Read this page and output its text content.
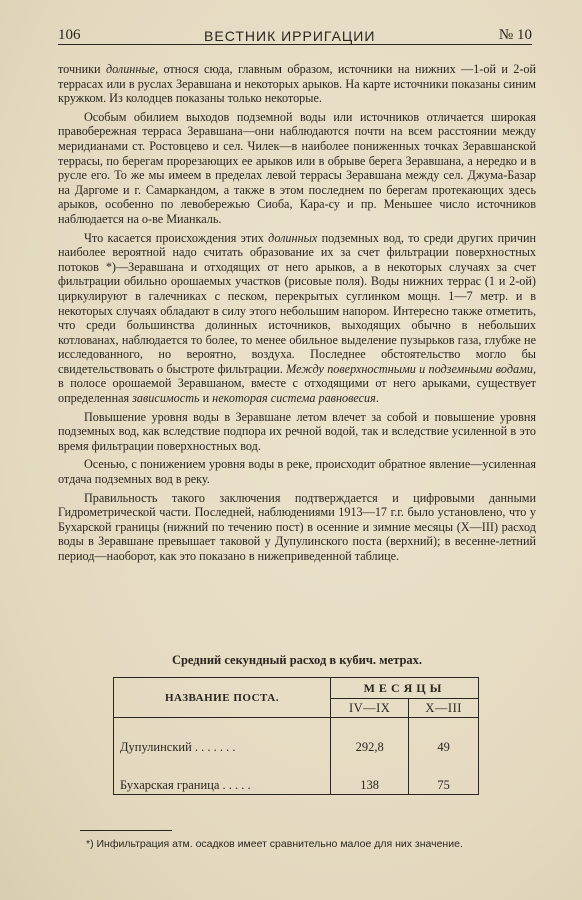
106	ВЕСТНИК ИРРИГАЦИИ	№ 10

точники долинные, относя сюда, главным образом, источники на нижних —1-ой и 2-ой террасах или в руслах Зеравшана и некоторых арыков. На карте источники показаны синим кружком. Из колодцев показаны только некоторые.

Особым обилием выходов подземной воды или источников отличается широкая правобережная терраса Зеравшана—они наблюдаются почти на всем расстоянии между меридианами ст. Ростовцево и сел. Чилек—в наиболее пониженных точках Зеравшанской террасы, по берегам прорезающих ее арыков или в обрыве берега Зеравшана, а нередко и в русле его. То же мы имеем в пределах левой террасы Зеравшана между сел. Джума-Базар на Даргоме и г. Самаркандом, а также в этом последнем по берегам протекающих здесь арыков, особенно по левобережью Сиоба, Кара-су и пр. Меньшее число источников наблюдается на о-ве Мианкаль.

Что касается происхождения этих долинных подземных вод, то среди других причин наиболее вероятной надо считать образование их за счет фильтрации поверхностных потоков *)—Зеравшана и отходящих от него арыков, а в некоторых случаях за счет фильтрации обильно орошаемых участков (рисовые поля). Воды нижних террас (1 и 2-ой) циркулируют в галечниках с песком, перекрытых суглинком мощн. 1—7 метр. и в некоторых случаях обладают в силу этого небольшим напором. Интересно также отметить, что среди большинства долинных источников, выходящих обычно в небольших котлованах, наблюдается то более, то менее обильное выделение пузырьков газа, глубже не исследованного, но вероятно, воздуха. Последнее обстоятельство могло бы свидетельствовать о быстроте фильтрации. Между поверхностными и подземными водами, в полосе орошаемой Зеравшаном, вместе с отходящими от него арыками, существует определенная зависимость и некоторая система равновесия.

Повышение уровня воды в Зеравшане летом влечет за собой и повышение уровня подземных вод, как вследствие подпора их речной водой, так и вследствие усиленной в это время фильтрации поверхностных вод.

Осенью, с понижением уровня воды в реке, происходит обратное явление—усиленная отдача подземных вод в реку.

Правильность такого заключения подтверждается и цифровыми данными Гидрометрической части. Последней, наблюдениями 1913—17 г.г. было установлено, что у Бухарской границы (нижний по течению пост) в осенние и зимние месяцы (X—III) расход воды в Зеравшане превышает таковой у Дупулинского поста (верхний); в весенне-летний период—наоборот, как это показано в нижеприведенной таблице.

Средний секундный расход в кубич. метрах.
НАЗВАНИЕ ПОСТА.	МЕСЯЦЫ	
	IV—IX	X—III
Дупулинский . . . . . . .	292,8	49
Бухарская граница . . . . .	138	75
*) Инфильтрация атм. осадков имеет сравнительно малое для них значение.
